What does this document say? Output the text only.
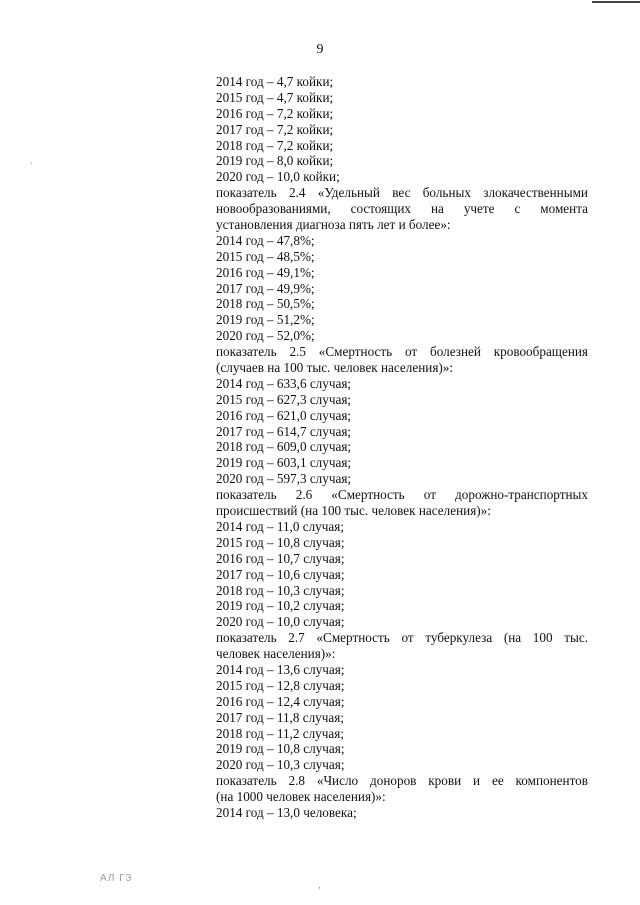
9
2014 год – 4,7 койки;
2015 год – 4,7 койки;
2016 год – 7,2 койки;
2017 год – 7,2 койки;
2018 год – 7,2 койки;
2019 год – 8,0 койки;
2020 год – 10,0 койки;
показатель 2.4 «Удельный вес больных злокачественными
новообразованиями, состоящих на учете с момента
установления диагноза пять лет и более»:
2014 год – 47,8%;
2015 год – 48,5%;
2016 год – 49,1%;
2017 год – 49,9%;
2018 год – 50,5%;
2019 год – 51,2%;
2020 год – 52,0%;
показатель 2.5 «Смертность от болезней кровообращения
(случаев на 100 тыс. человек населения)»:
2014 год – 633,6 случая;
2015 год – 627,3 случая;
2016 год – 621,0 случая;
2017 год – 614,7 случая;
2018 год – 609,0 случая;
2019 год – 603,1 случая;
2020 год – 597,3 случая;
показатель 2.6 «Смертность от дорожно-транспортных
происшествий (на 100 тыс. человек населения)»:
2014 год – 11,0 случая;
2015 год – 10,8 случая;
2016 год – 10,7 случая;
2017 год – 10,6 случая;
2018 год – 10,3 случая;
2019 год – 10,2 случая;
2020 год – 10,0 случая;
показатель 2.7 «Смертность от туберкулеза (на 100 тыс.
человек населения)»:
2014 год – 13,6 случая;
2015 год – 12,8 случая;
2016 год – 12,4 случая;
2017 год – 11,8 случая;
2018 год – 11,2 случая;
2019 год – 10,8 случая;
2020 год – 10,3 случая;
показатель 2.8 «Число доноров крови и ее компонентов
(на 1000 человек населения)»:
2014 год – 13,0 человека;
·
,
АЛ ГЗ
